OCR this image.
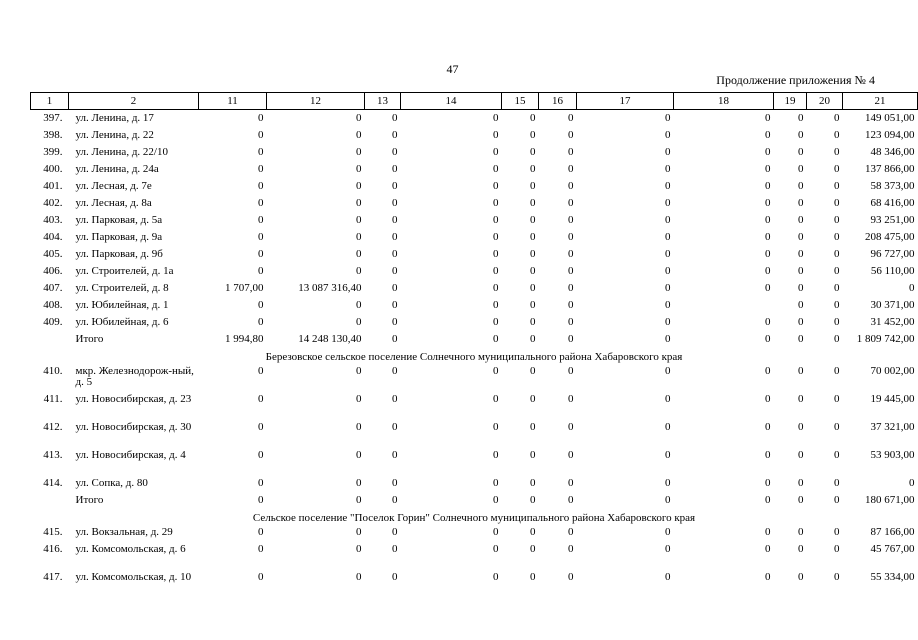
47
Продолжение приложения № 4
1	2	11	12	13	14	15	16	17	18	19	20	21
397.	ул. Ленина, д. 17	0	0	0	0	0	0	0	0	0	0	149 051,00
398.	ул. Ленина, д. 22	0	0	0	0	0	0	0	0	0	0	123 094,00
399.	ул. Ленина, д. 22/10	0	0	0	0	0	0	0	0	0	0	48 346,00
400.	ул. Ленина, д. 24а	0	0	0	0	0	0	0	0	0	0	137 866,00
401.	ул. Лесная, д. 7е	0	0	0	0	0	0	0	0	0	0	58 373,00
402.	ул. Лесная, д. 8а	0	0	0	0	0	0	0	0	0	0	68 416,00
403.	ул. Парковая, д. 5а	0	0	0	0	0	0	0	0	0	0	93 251,00
404.	ул. Парковая, д. 9а	0	0	0	0	0	0	0	0	0	0	208 475,00
405.	ул. Парковая, д. 9б	0	0	0	0	0	0	0	0	0	0	96 727,00
406.	ул. Строителей, д. 1а	0	0	0	0	0	0	0	0	0	0	56 110,00
407.	ул. Строителей, д. 8	1 707,00	13 087 316,40	0	0	0	0	0	0	0	0	0
408.	ул. Юбилейная, д. 1	0	0	0	0	0	0	0		0	0	30 371,00
409.	ул. Юбилейная, д. 6	0	0	0	0	0	0	0	0	0	0	31 452,00
	Итого	1 994,80	14 248 130,40	0	0	0	0	0	0	0	0	1 809 742,00
Березовское сельское поселение Солнечного муниципального района Хабаровского края												
410.	мкр. Железнодорож-ный, д. 5	0	0	0	0	0	0	0	0	0	0	70 002,00
411.	ул. Новосибирская, д. 23	0	0	0	0	0	0	0	0	0	0	19 445,00
412.	ул. Новосибирская, д. 30	0	0	0	0	0	0	0	0	0	0	37 321,00
413.	ул. Новосибирская, д. 4	0	0	0	0	0	0	0	0	0	0	53 903,00
414.	ул. Сопка, д. 80	0	0	0	0	0	0	0	0	0	0	0
	Итого	0	0	0	0	0	0	0	0	0	0	180 671,00
Сельское поселение "Поселок Горин" Солнечного муниципального района Хабаровского края												
415.	ул. Вокзальная, д. 29	0	0	0	0	0	0	0	0	0	0	87 166,00
416.	ул. Комсомольская, д. 6	0	0	0	0	0	0	0	0	0	0	45 767,00
417.	ул. Комсомольская, д. 10	0	0	0	0	0	0	0	0	0	0	55 334,00
